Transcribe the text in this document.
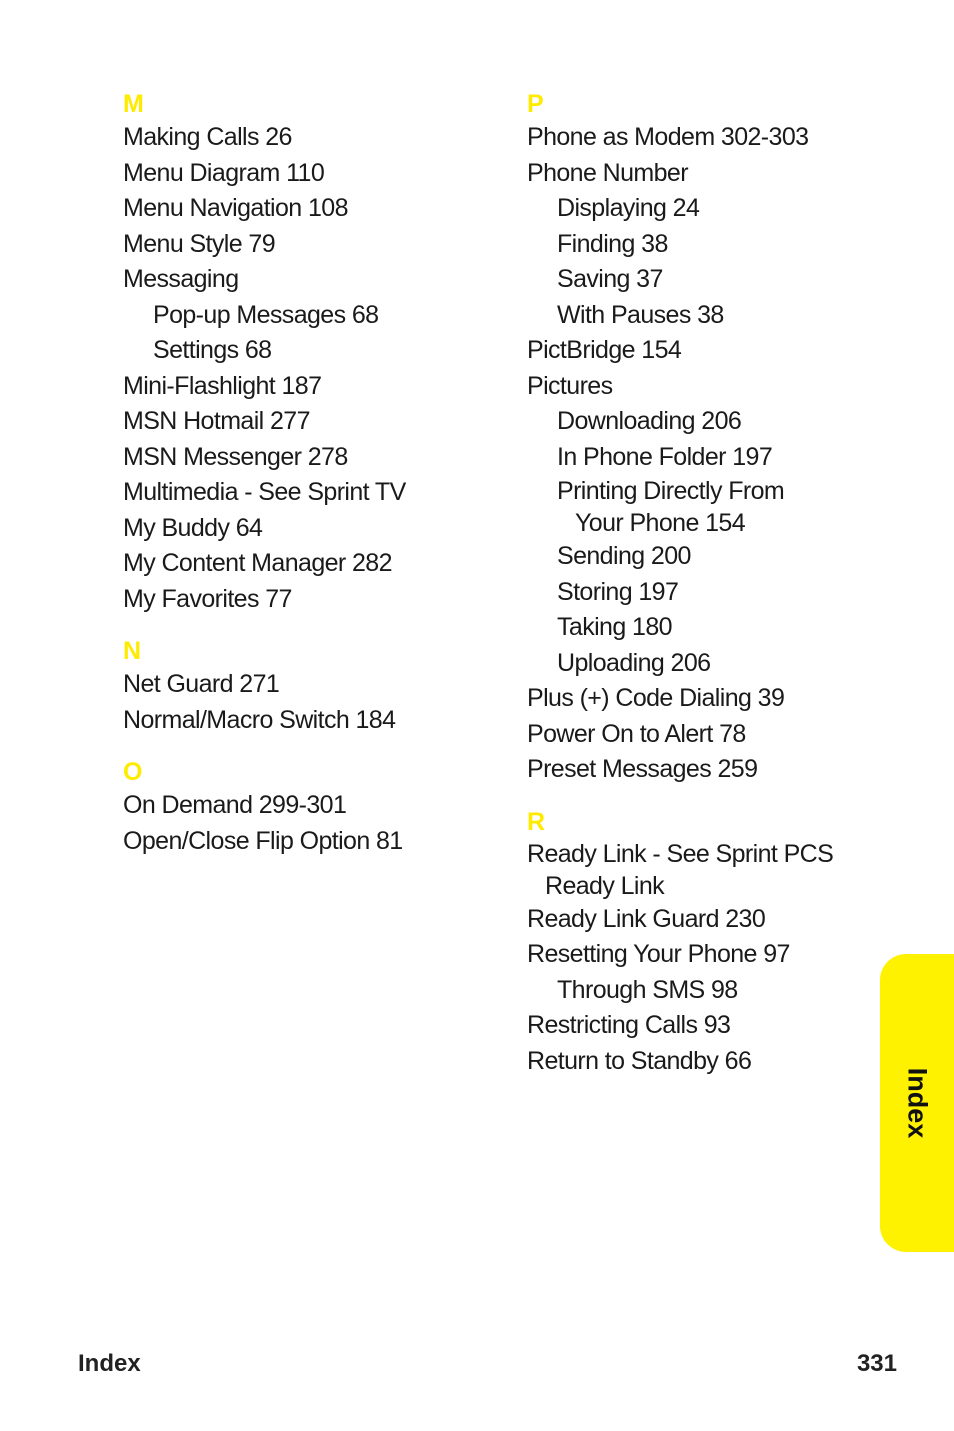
M
Making Calls 26
Menu Diagram 110
Menu Navigation 108
Menu Style 79
Messaging
Pop-up Messages 68
Settings 68
Mini-Flashlight 187
MSN Hotmail 277
MSN Messenger 278
Multimedia - See Sprint TV
My Buddy 64
My Content Manager 282
My Favorites 77
N
Net Guard 271
Normal/Macro Switch 184
O
On Demand 299-301
Open/Close Flip Option 81
P
Phone as Modem 302-303
Phone Number
Displaying 24
Finding 38
Saving 37
With Pauses 38
PictBridge 154
Pictures
Downloading 206
In Phone Folder 197
Printing Directly From
Your Phone 154
Sending 200
Storing 197
Taking 180
Uploading 206
Plus (+) Code Dialing 39
Power On to Alert 78
Preset Messages 259
R
Ready Link - See Sprint PCS
Ready Link
Ready Link Guard 230
Resetting Your Phone 97
Through SMS 98
Restricting Calls 93
Return to Standby 66
Index
Index	331
